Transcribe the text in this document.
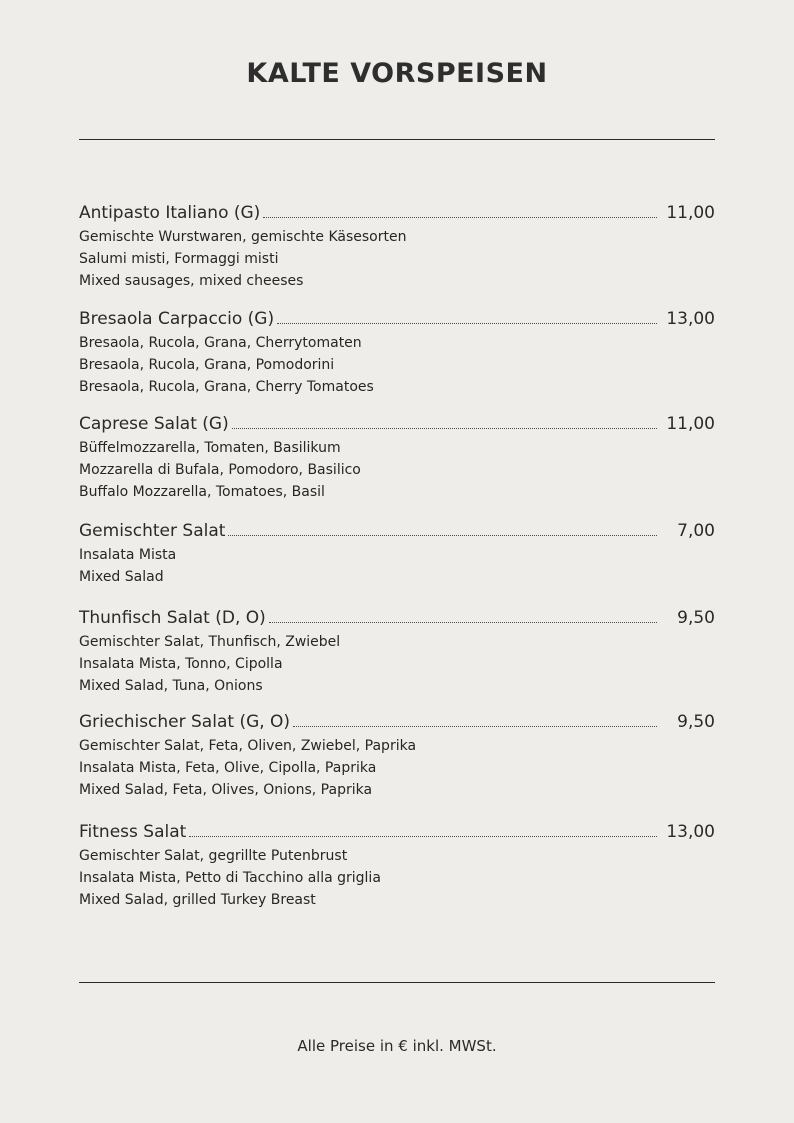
KALTE VORSPEISEN
Antipasto Italiano (G)	11,00
Gemischte Wurstwaren, gemischte Käsesorten
Salumi misti, Formaggi misti
Mixed sausages, mixed cheeses
Bresaola Carpaccio (G)	13,00
Bresaola, Rucola, Grana, Cherrytomaten
Bresaola, Rucola, Grana, Pomodorini
Bresaola, Rucola, Grana, Cherry Tomatoes
Caprese Salat (G)	11,00
Büffelmozzarella, Tomaten, Basilikum
Mozzarella di Bufala, Pomodoro, Basilico
Buffalo Mozzarella, Tomatoes, Basil
Gemischter Salat	7,00
Insalata Mista
Mixed Salad
Thunfisch Salat (D, O)	9,50
Gemischter Salat, Thunfisch, Zwiebel
Insalata Mista, Tonno, Cipolla
Mixed Salad, Tuna, Onions
Griechischer Salat (G, O)	9,50
Gemischter Salat, Feta, Oliven, Zwiebel, Paprika
Insalata Mista, Feta, Olive, Cipolla, Paprika
Mixed Salad, Feta, Olives, Onions, Paprika
Fitness Salat	13,00
Gemischter Salat, gegrillte Putenbrust
Insalata Mista, Petto di Tacchino alla griglia
Mixed Salad, grilled Turkey Breast
Alle Preise in € inkl. MWSt.
